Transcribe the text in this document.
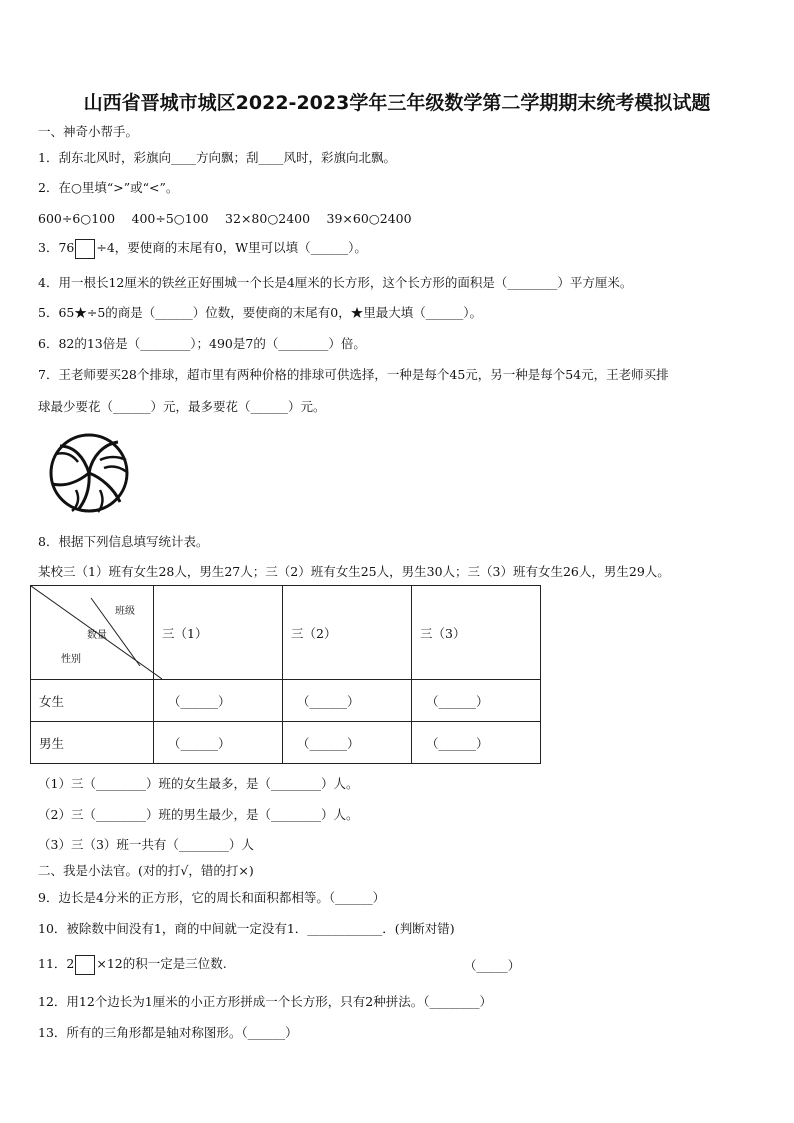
山西省晋城市城区2022-2023学年三年级数学第二学期期末统考模拟试题
一、神奇小帮手。
1．刮东北风时，彩旗向____方向飘；刮____风时，彩旗向北飘。
2．在○里填“>”或“<”。
600÷6○100　 400÷5○100　 32×80○2400　 39×60○2400
3．76 ÷4，要使商的末尾有0，W里可以填（______）。
4．用一根长12厘米的铁丝正好围城一个长是4厘米的长方形，这个长方形的面积是（________）平方厘米。
5．65★÷5的商是（______）位数，要使商的末尾有0，★里最大填（______）。
6．82的13倍是（________）；490是7的（________）倍。
7．王老师要买28个排球，超市里有两种价格的排球可供选择，一种是每个45元，另一种是每个54元，王老师买排
球最少要花（______）元，最多要花（______）元。
8．根据下列信息填写统计表。
某校三（1）班有女生28人，男生27人；三（2）班有女生25人，男生30人；三（3）班有女生26人，男生29人。
班级
数量
性别	三（1）	三（2）	三（3）
女生	（______）	（______）	（______）
男生	（______）	（______）	（______）
（1）三（________）班的女生最多，是（________）人。
（2）三（________）班的男生最少，是（________）人。
（3）三（3）班一共有（________）人
二、我是小法官。(对的打√，错的打×)
9．边长是4分米的正方形，它的周长和面积都相等。（______）
10．被除数中间没有1，商的中间就一定没有1．____________．(判断对错)
11．2 ×12的积一定是三位数.	（_____）
12．用12个边长为1厘米的小正方形拼成一个长方形，只有2种拼法。（________）
13．所有的三角形都是轴对称图形。（______）
